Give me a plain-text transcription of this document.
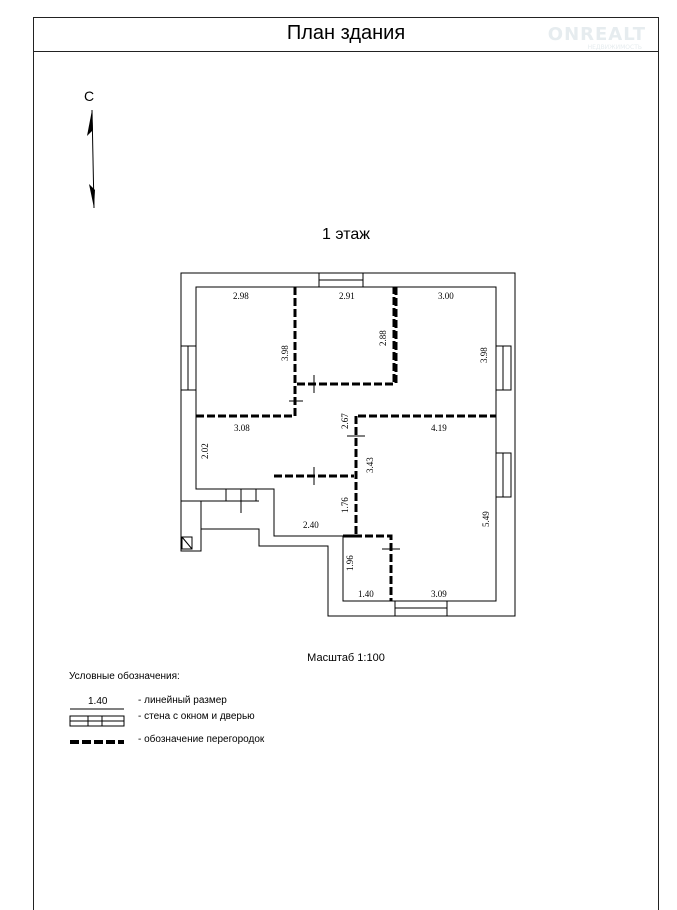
План здания	ONREALT
НЕДВИЖИМОСТЬ
С
1 этаж
2.98	2.91	3.00
3.98
2.88
3.98
3.08	2.67	4.19
2.02
3.43
1.76
2.40	5.49
1.96
1.40	3.09
Масштаб 1:100
Условные обозначения:
1.40	- линейный размер
- стена с окном и дверью
- обозначение перегородок
